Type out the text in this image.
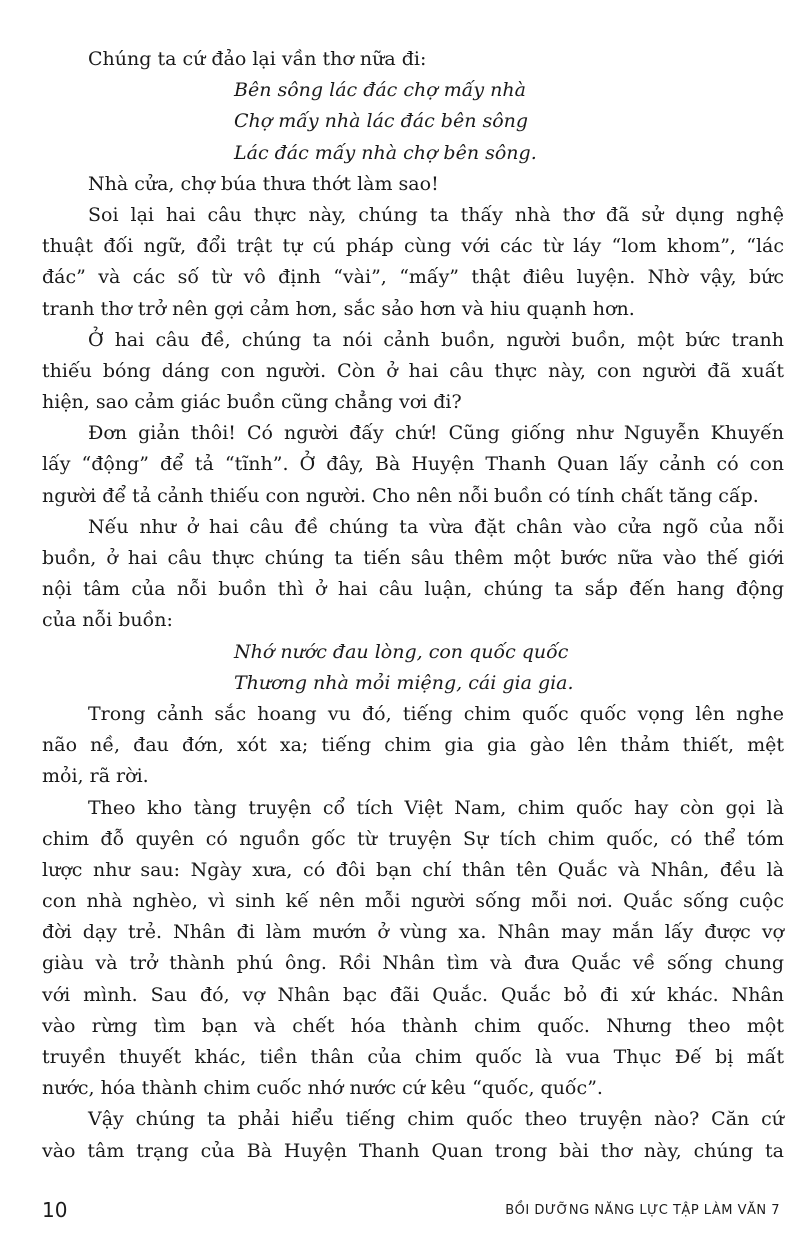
Chúng ta cứ đảo lại vần thơ nữa đi:
Bên sông lác đác chợ mấy nhà
Chợ mấy nhà lác đác bên sông
Lác đác mấy nhà chợ bên sông.
Nhà cửa, chợ búa thưa thớt làm sao!
Soi lại hai câu thực này, chúng ta thấy nhà thơ đã sử dụng nghệ
thuật đối ngữ, đổi trật tự cú pháp cùng với các từ láy “lom khom”, “lác
đác” và các số từ vô định “vài”, “mấy” thật điêu luyện. Nhờ vậy, bức
tranh thơ trở nên gợi cảm hơn, sắc sảo hơn và hiu quạnh hơn.
Ở hai câu đề, chúng ta nói cảnh buồn, người buồn, một bức tranh
thiếu bóng dáng con người. Còn ở hai câu thực này, con người đã xuất
hiện, sao cảm giác buồn cũng chẳng vơi đi?
Đơn giản thôi! Có người đấy chứ! Cũng giống như Nguyễn Khuyến
lấy “động” để tả “tĩnh”. Ở đây, Bà Huyện Thanh Quan lấy cảnh có con
người để tả cảnh thiếu con người. Cho nên nỗi buồn có tính chất tăng cấp.
Nếu như ở hai câu đề chúng ta vừa đặt chân vào cửa ngõ của nỗi
buồn, ở hai câu thực chúng ta tiến sâu thêm một bước nữa vào thế giới
nội tâm của nỗi buồn thì ở hai câu luận, chúng ta sắp đến hang động
của nỗi buồn:
Nhớ nước đau lòng, con quốc quốc
Thương nhà mỏi miệng, cái gia gia.
Trong cảnh sắc hoang vu đó, tiếng chim quốc quốc vọng lên nghe
não nề, đau đớn, xót xa; tiếng chim gia gia gào lên thảm thiết, mệt
mỏi, rã rời.
Theo kho tàng truyện cổ tích Việt Nam, chim quốc hay còn gọi là
chim đỗ quyên có nguồn gốc từ truyện Sự tích chim quốc, có thể tóm
lược như sau: Ngày xưa, có đôi bạn chí thân tên Quắc và Nhân, đều là
con nhà nghèo, vì sinh kế nên mỗi người sống mỗi nơi. Quắc sống cuộc
đời dạy trẻ. Nhân đi làm mướn ở vùng xa. Nhân may mắn lấy được vợ
giàu và trở thành phú ông. Rồi Nhân tìm và đưa Quắc về sống chung
với mình. Sau đó, vợ Nhân bạc đãi Quắc. Quắc bỏ đi xứ khác. Nhân
vào rừng tìm bạn và chết hóa thành chim quốc. Nhưng theo một
truyền thuyết khác, tiền thân của chim quốc là vua Thục Đế bị mất
nước, hóa thành chim cuốc nhớ nước cứ kêu “quốc, quốc”.
Vậy chúng ta phải hiểu tiếng chim quốc theo truyện nào? Căn cứ
vào tâm trạng của Bà Huyện Thanh Quan trong bài thơ này, chúng ta
10	BỒI DƯỠNG NĂNG LỰC TẬP LÀM VĂN 7
